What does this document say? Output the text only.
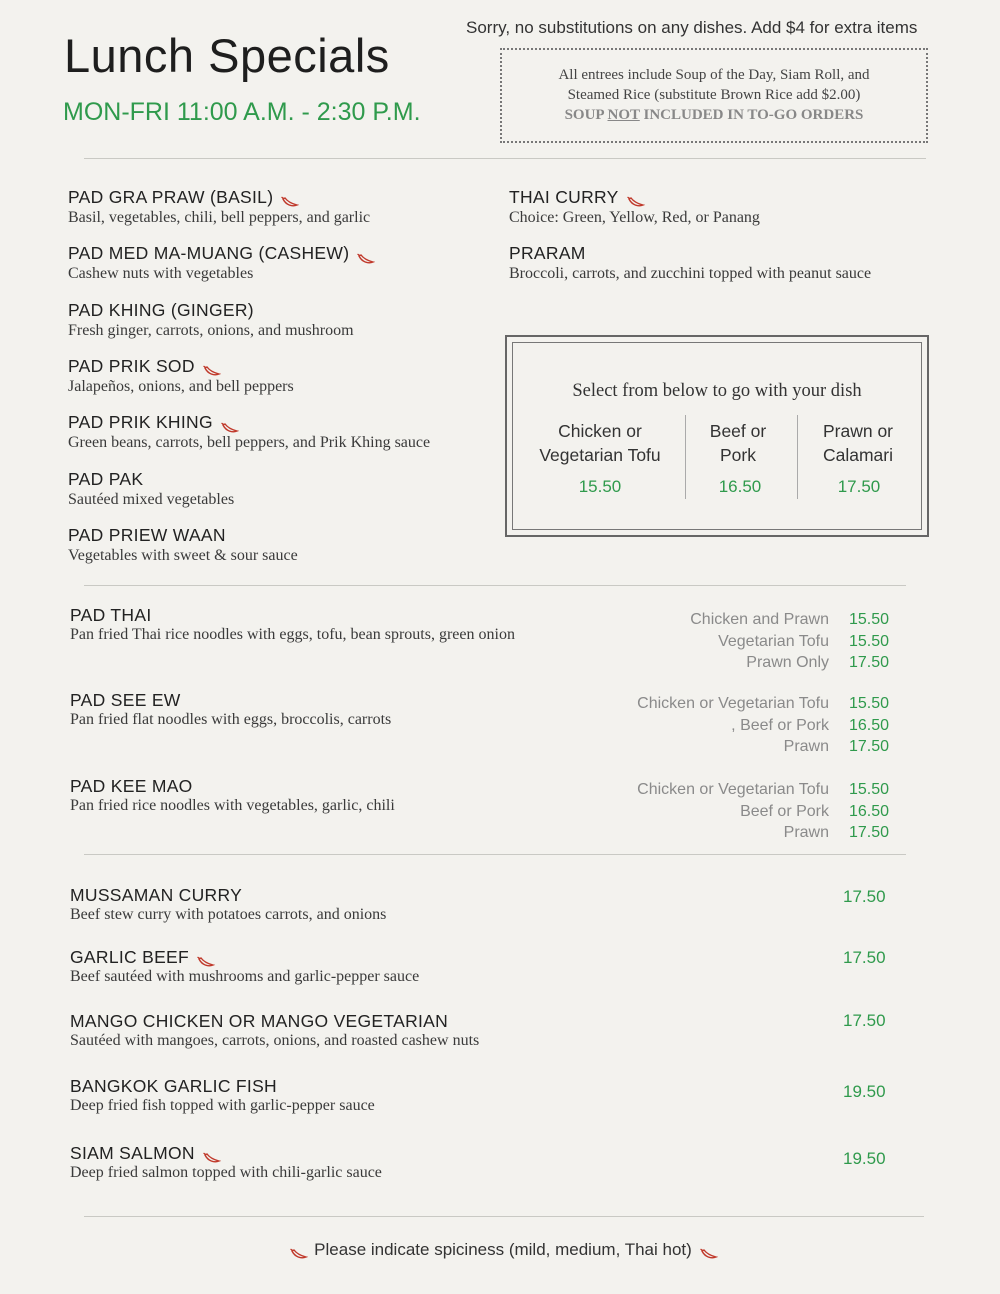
Lunch Specials
MON-FRI 11:00 A.M. - 2:30 P.M.
Sorry, no substitutions on any dishes. Add $4 for extra items
All entrees include Soup of the Day, Siam Roll, and
Steamed Rice (substitute Brown Rice add $2.00)
SOUP NOT INCLUDED IN TO-GO ORDERS
PAD GRA PRAW (BASIL)
Basil, vegetables, chili, bell peppers, and garlic
PAD MED MA-MUANG (CASHEW)
Cashew nuts with vegetables
PAD KHING (GINGER)
Fresh ginger, carrots, onions, and mushroom
PAD PRIK SOD
Jalapeños, onions, and bell peppers
PAD PRIK KHING
Green beans, carrots, bell peppers, and Prik Khing sauce
PAD PAK
Sautéed mixed vegetables
PAD PRIEW WAAN
Vegetables with sweet & sour sauce
THAI CURRY
Choice: Green, Yellow, Red, or Panang
PRARAM
Broccoli, carrots, and zucchini topped with peanut sauce
Select from below to go with your dish
Chicken or
Vegetarian Tofu
15.50
Beef or
Pork
16.50
Prawn or
Calamari
17.50
PAD THAI
Pan fried Thai rice noodles with eggs, tofu, bean sprouts, green onion
Chicken and Prawn 15.50
Vegetarian Tofu 15.50
Prawn Only 17.50
PAD SEE EW
Pan fried flat noodles with eggs, broccolis, carrots
Chicken or Vegetarian Tofu 15.50
, Beef or Pork 16.50
Prawn 17.50
PAD KEE MAO
Pan fried rice noodles with vegetables, garlic, chili
Chicken or Vegetarian Tofu 15.50
Beef or Pork 16.50
Prawn 17.50
MUSSAMAN CURRY
Beef stew curry with potatoes carrots, and onions
17.50
GARLIC BEEF
Beef sautéed with mushrooms and garlic-pepper sauce
17.50
MANGO CHICKEN OR MANGO VEGETARIAN
Sautéed with mangoes, carrots, onions, and roasted cashew nuts
17.50
BANGKOK GARLIC FISH
Deep fried fish topped with garlic-pepper sauce
19.50
SIAM SALMON
Deep fried salmon topped with chili-garlic sauce
19.50
Please indicate spiciness (mild, medium, Thai hot)
